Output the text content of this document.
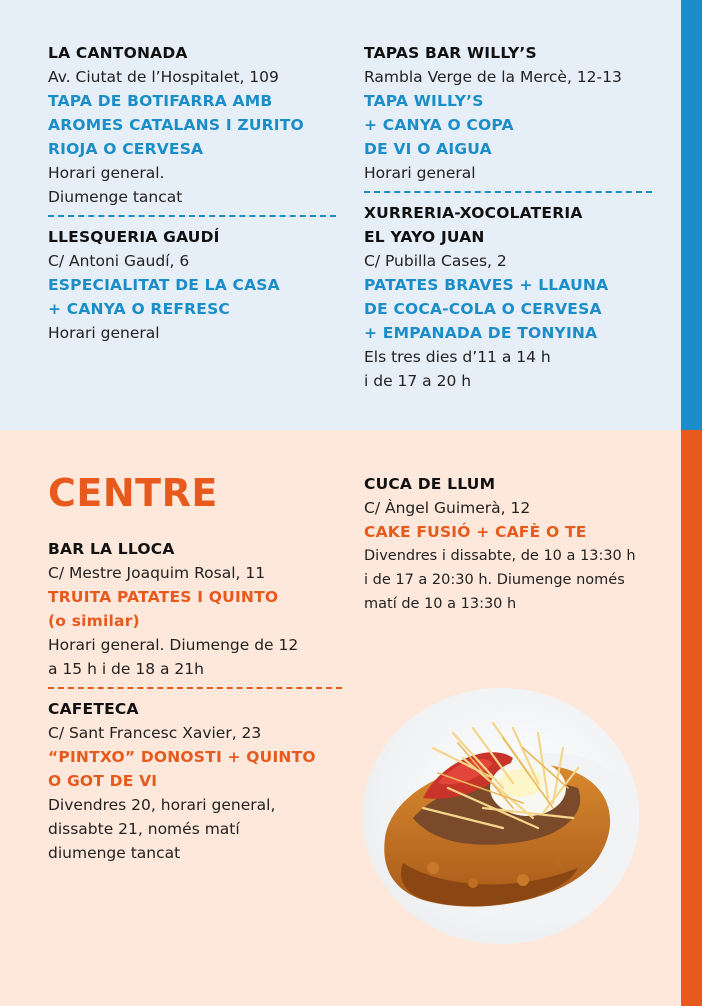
LA CANTONADA
Av. Ciutat de l’Hospitalet, 109
TAPA DE BOTIFARRA AMB
AROMES CATALANS I ZURITO
RIOJA O CERVESA
Horari general.
Diumenge tancat
LLESQUERIA GAUDÍ
C/ Antoni Gaudí, 6
ESPECIALITAT DE LA CASA
+ CANYA O REFRESC
Horari general
TAPAS BAR WILLY’S
Rambla Verge de la Mercè, 12-13
TAPA WILLY’S
+ CANYA O COPA
DE VI O AIGUA
Horari general
XURRERIA-XOCOLATERIA
EL YAYO JUAN
C/ Pubilla Cases, 2
PATATES BRAVES + LLAUNA
DE COCA-COLA O CERVESA
+ EMPANADA DE TONYINA
Els tres dies d’11 a 14 h
i de 17 a 20 h
CENTRE
BAR LA LLOCA
C/ Mestre Joaquim Rosal, 11
TRUITA PATATES I QUINTO
(o similar)
Horari general. Diumenge de 12
a 15 h i de 18 a 21h
CAFETECA
C/ Sant Francesc Xavier, 23
“PINTXO” DONOSTI + QUINTO
O GOT DE VI
Divendres 20, horari general,
dissabte 21, només matí
diumenge tancat
CUCA DE LLUM
C/ Àngel Guimerà, 12
CAKE FUSIÓ + CAFÈ O TE
Divendres i dissabte, de 10 a 13:30 h
i de 17 a 20:30 h. Diumenge només
matí de 10 a 13:30 h
